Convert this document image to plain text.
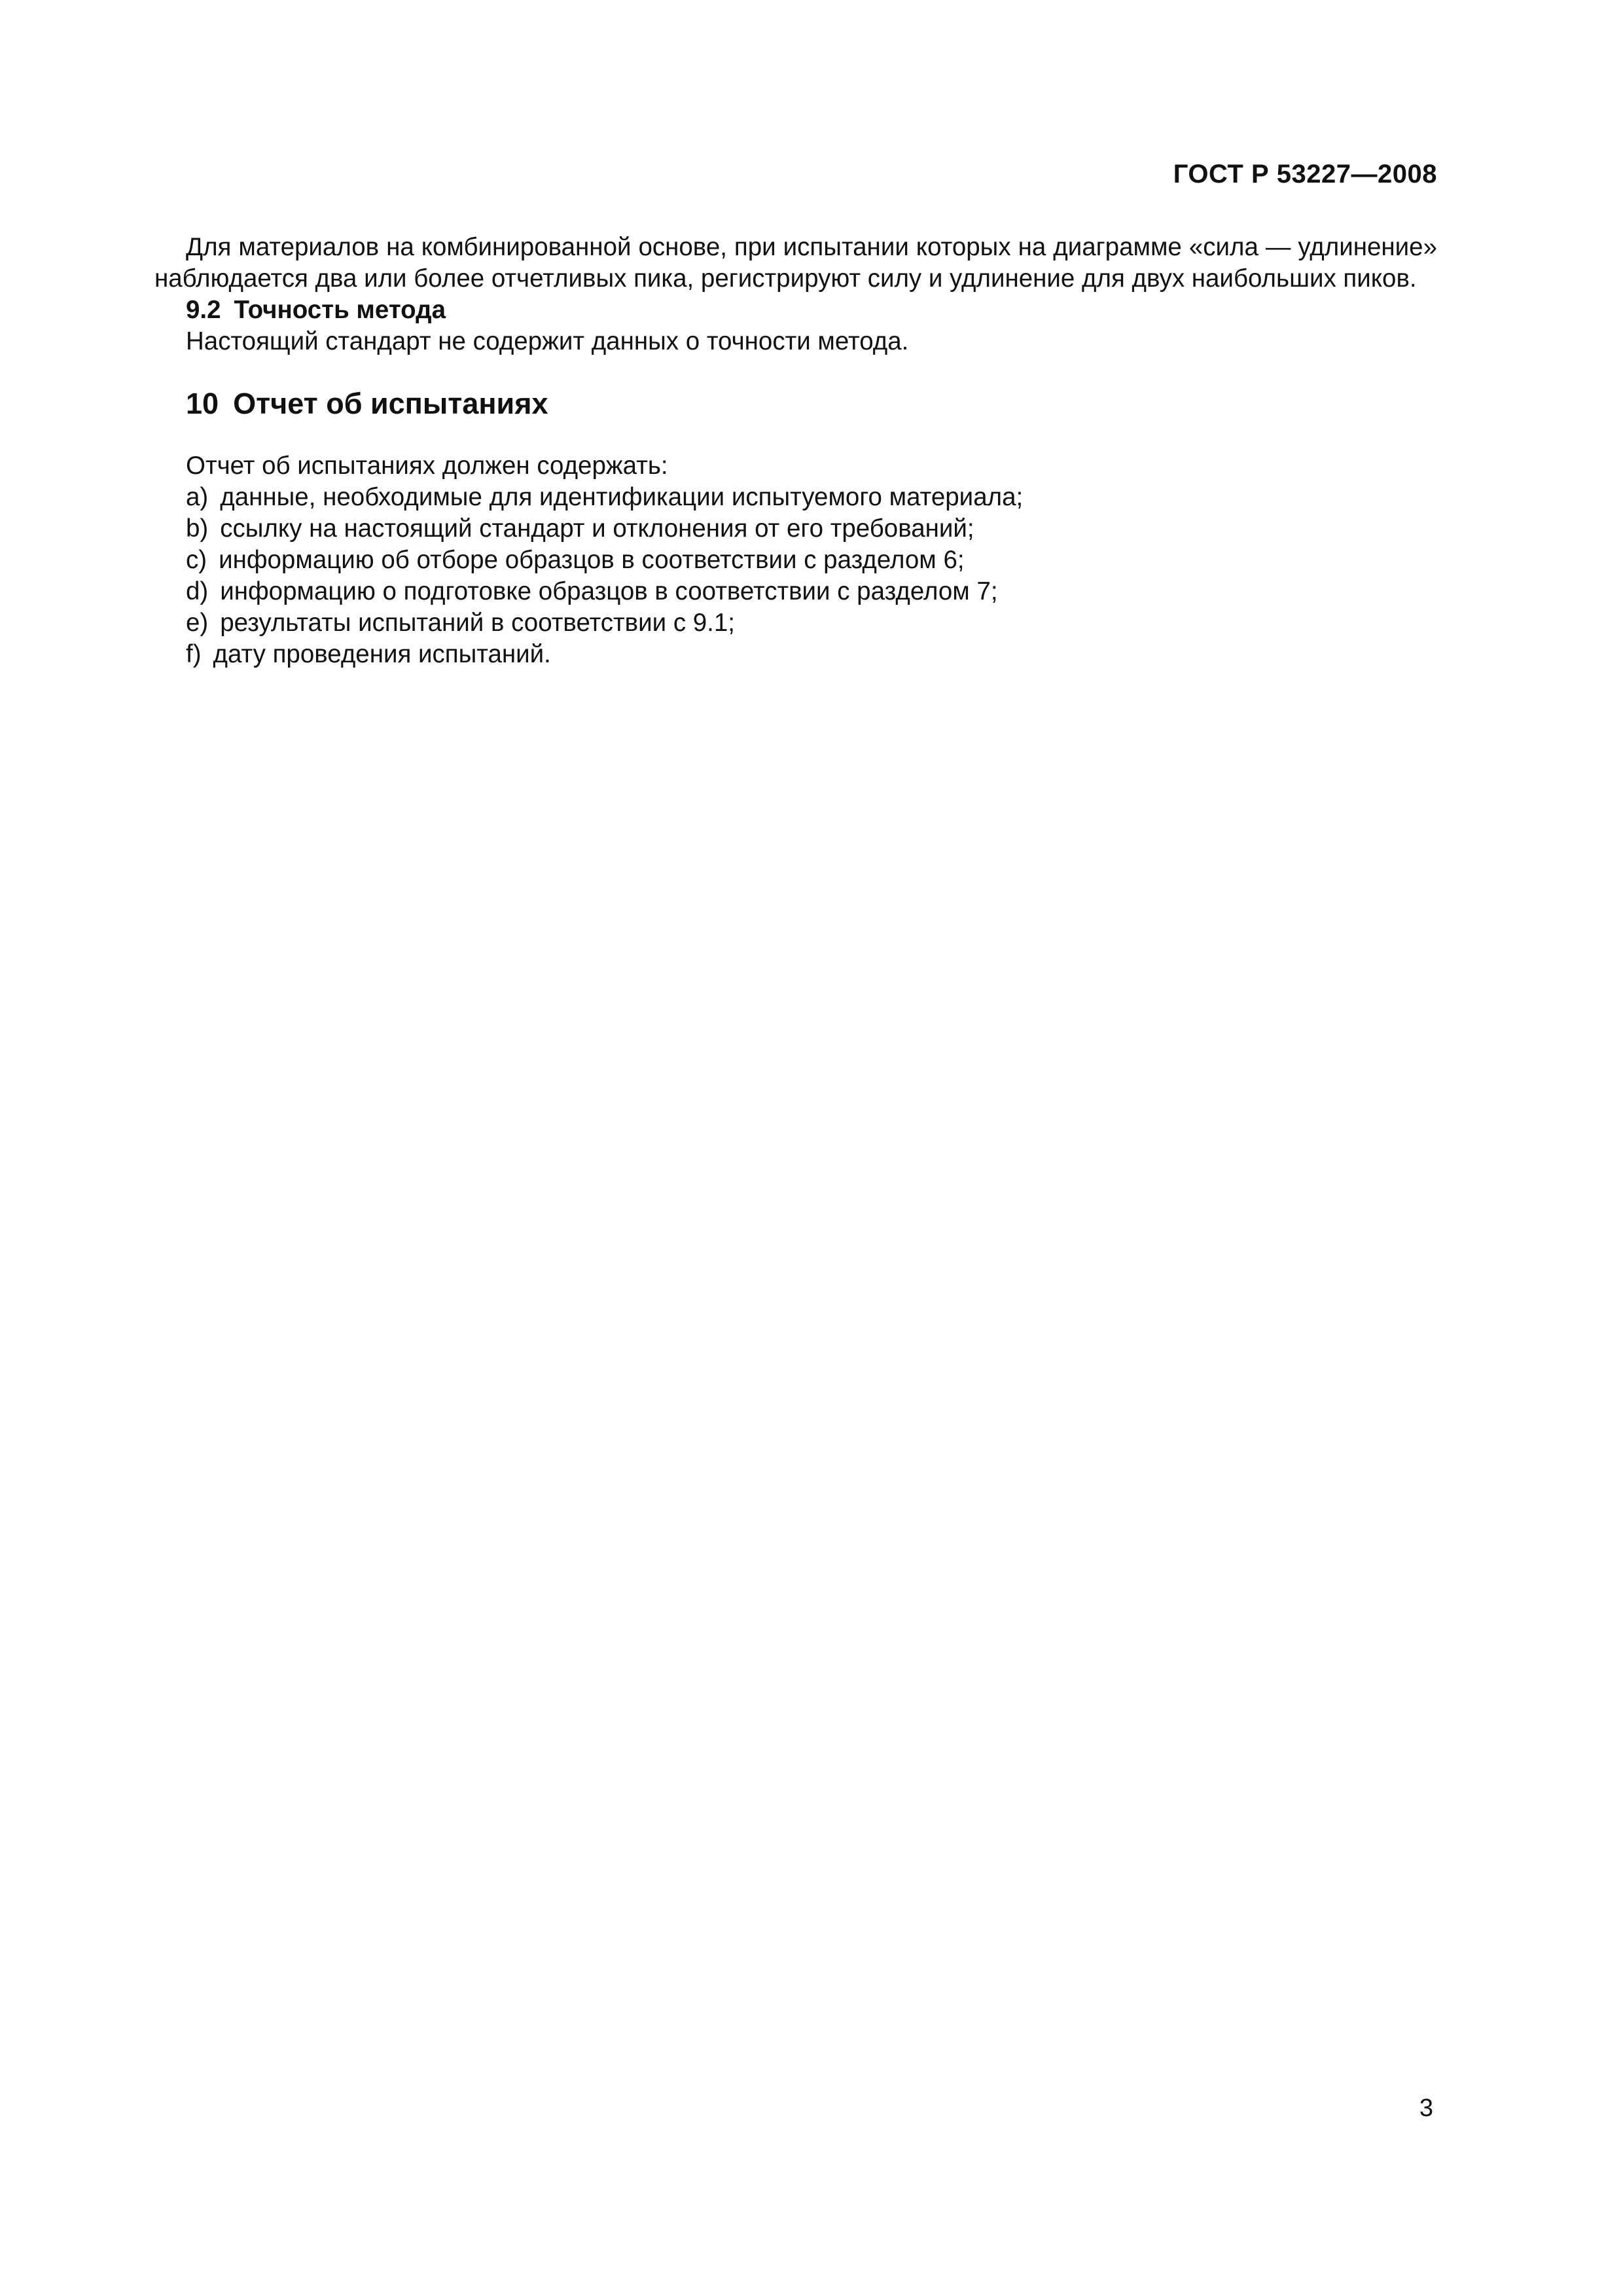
ГОСТ Р 53227—2008

Для материалов на комбинированной основе, при испытании которых на диаграмме «сила — удлинение» наблюдается два или более отчетливых пика, регистрируют силу и удлинение для двух наибольших пиков.

9.2 Точность метода

Настоящий стандарт не содержит данных о точности метода.

10 Отчет об испытаниях

Отчет об испытаниях должен содержать:

a) данные, необходимые для идентификации испытуемого материала;
b) ссылку на настоящий стандарт и отклонения от его требований;
c) информацию об отборе образцов в соответствии с разделом 6;
d) информацию о подготовке образцов в соответствии с разделом 7;
e) результаты испытаний в соответствии с 9.1;
f) дату проведения испытаний.
3
